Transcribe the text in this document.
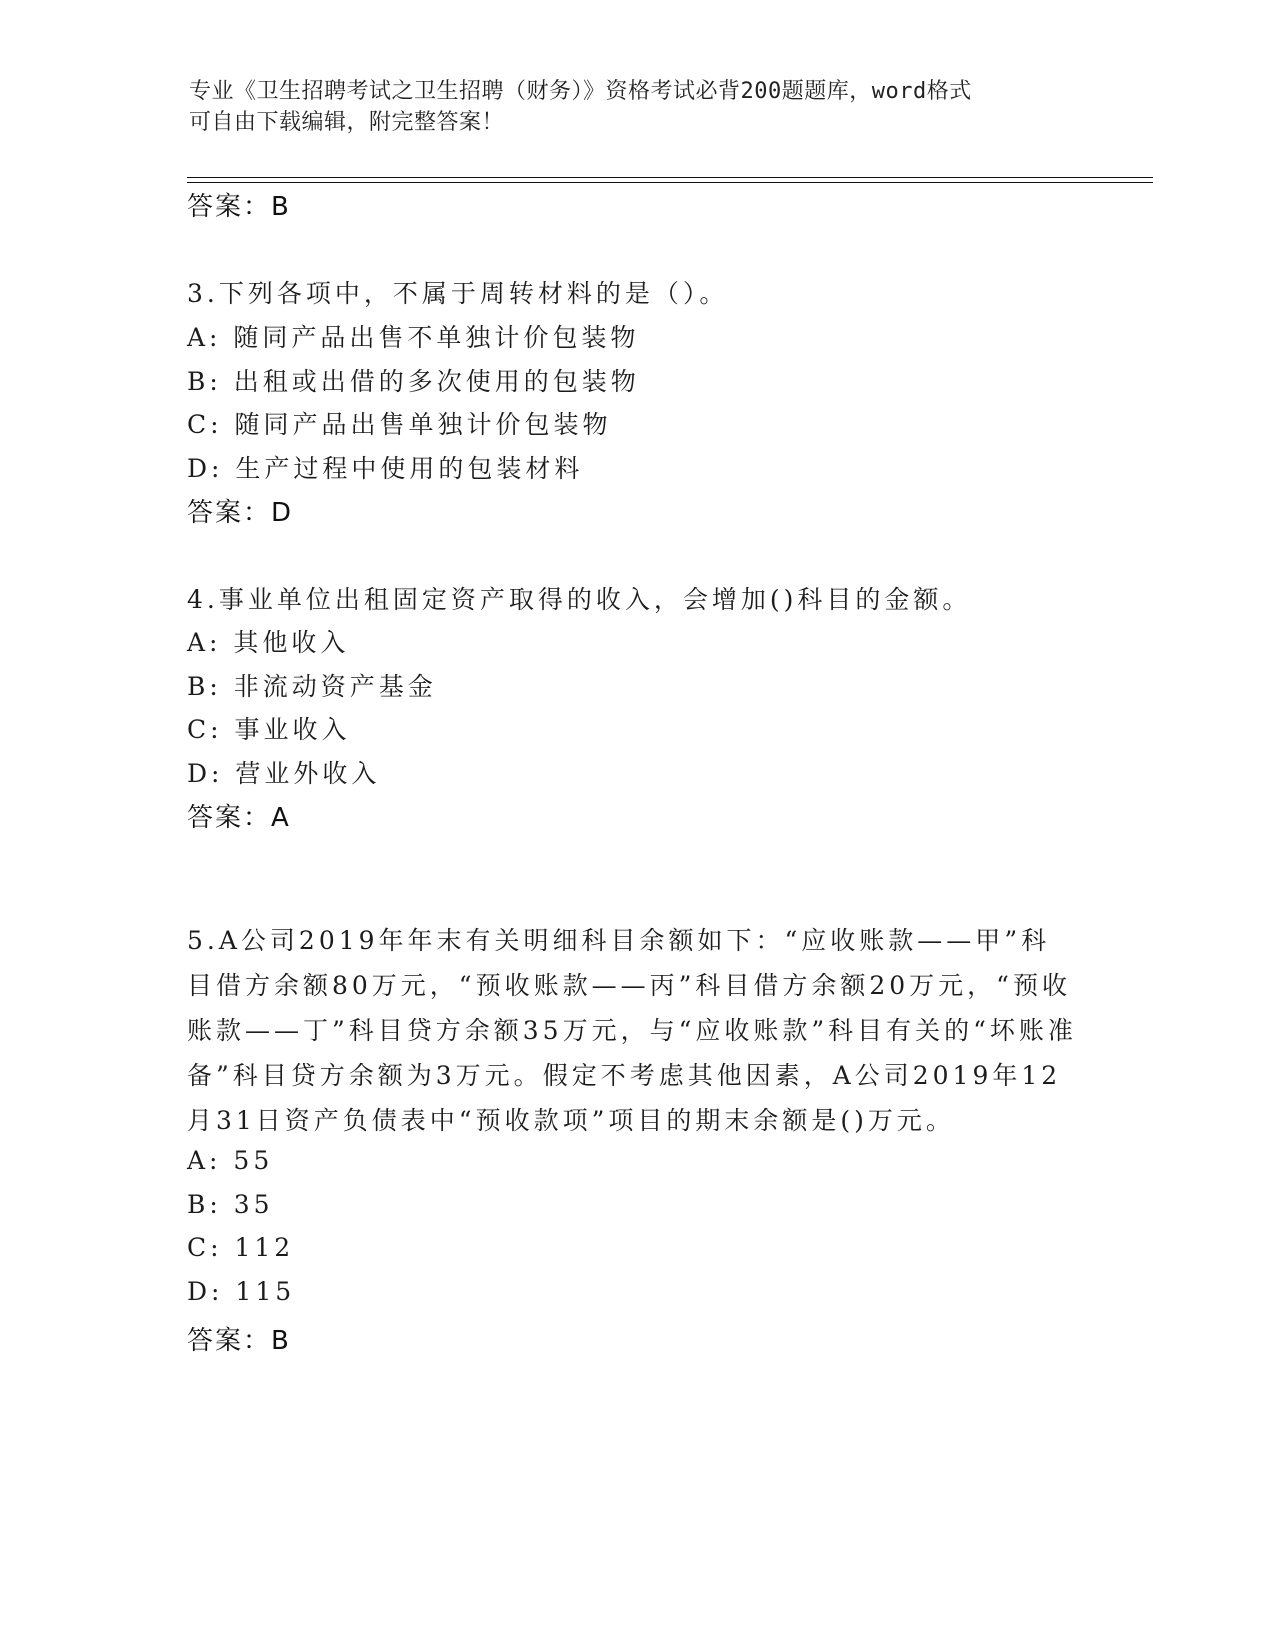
专业《卫生招聘考试之卫生招聘（财务）》资格考试必背200题题库，word格式
可自由下载编辑，附完整答案！
答案：B
3.下列各项中，不属于周转材料的是（）。
A: 随同产品出售不单独计价包装物
B: 出租或出借的多次使用的包装物
C: 随同产品出售单独计价包装物
D: 生产过程中使用的包装材料
答案：D
4.事业单位出租固定资产取得的收入，会增加()科目的金额。
A: 其他收入
B: 非流动资产基金
C: 事业收入
D: 营业外收入
答案：A
5.A公司2019年年末有关明细科目余额如下：“应收账款——甲”科目借方余额80万元，“预收账款——丙”科目借方余额20万元，“预收账款——丁”科目贷方余额35万元，与“应收账款”科目有关的“坏账准备”科目贷方余额为3万元。假定不考虑其他因素，A公司2019年12月31日资产负债表中“预收款项”项目的期末余额是()万元。
A: 55
B: 35
C: 112
D: 115
答案：B
